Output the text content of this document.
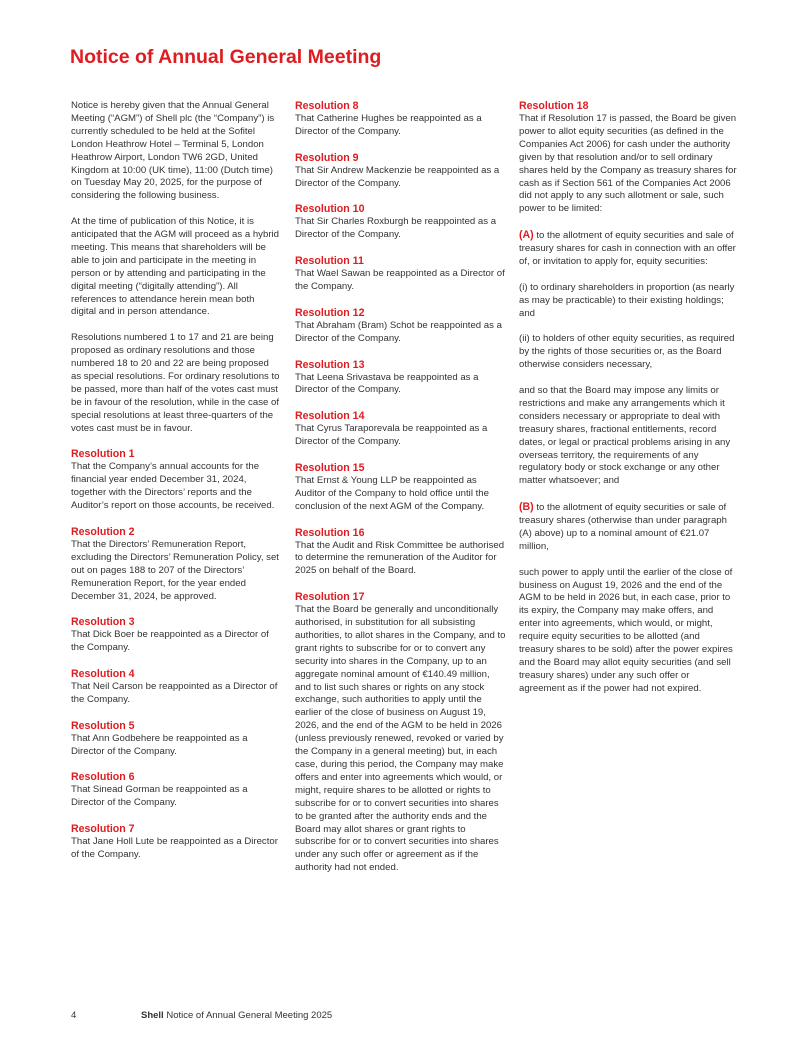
Notice of Annual General Meeting

Notice is hereby given that the Annual General Meeting (“AGM”) of Shell plc (the “Company”) is currently scheduled to be held at the Sofitel London Heathrow Hotel – Terminal 5, London Heathrow Airport, London TW6 2GD, United Kingdom at 10:00 (UK time), 11:00 (Dutch time) on Tuesday May 20, 2025, for the purpose of considering the following business.

At the time of publication of this Notice, it is anticipated that the AGM will proceed as a hybrid meeting. This means that shareholders will be able to join and participate in the meeting in person or by attending and participating in the digital meeting (“digitally attending”). All references to attendance herein mean both digital and in person attendance.

Resolutions numbered 1 to 17 and 21 are being proposed as ordinary resolutions and those numbered 18 to 20 and 22 are being proposed as special resolutions. For ordinary resolutions to be passed, more than half of the votes cast must be in favour of the resolution, while in the case of special resolutions at least three-quarters of the votes cast must be in favour.

Resolution 1
That the Company’s annual accounts for the financial year ended December 31, 2024, together with the Directors’ reports and the Auditor’s report on those accounts, be received.
Resolution 2
That the Directors’ Remuneration Report, excluding the Directors’ Remuneration Policy, set out on pages 188 to 207 of the Directors’ Remuneration Report, for the year ended December 31, 2024, be approved.
Resolution 3
That Dick Boer be reappointed as a Director of the Company.
Resolution 4
That Neil Carson be reappointed as a Director of the Company.
Resolution 5
That Ann Godbehere be reappointed as a Director of the Company.
Resolution 6
That Sinead Gorman be reappointed as a Director of the Company.
Resolution 7
That Jane Holl Lute be reappointed as a Director of the Company.
Resolution 8
That Catherine Hughes be reappointed as a Director of the Company.
Resolution 9
That Sir Andrew Mackenzie be reappointed as a Director of the Company.
Resolution 10
That Sir Charles Roxburgh be reappointed as a Director of the Company.
Resolution 11
That Wael Sawan be reappointed as a Director of the Company.
Resolution 12
That Abraham (Bram) Schot be reappointed as a Director of the Company.
Resolution 13
That Leena Srivastava be reappointed as a Director of the Company.
Resolution 14
That Cyrus Taraporevala be reappointed as a Director of the Company.
Resolution 15
That Ernst & Young LLP be reappointed as Auditor of the Company to hold office until the conclusion of the next AGM of the Company.
Resolution 16
That the Audit and Risk Committee be authorised to determine the remuneration of the Auditor for 2025 on behalf of the Board.
Resolution 17
That the Board be generally and unconditionally authorised, in substitution for all subsisting authorities, to allot shares in the Company, and to grant rights to subscribe for or to convert any security into shares in the Company, up to an aggregate nominal amount of €140.49 million, and to list such shares or rights on any stock exchange, such authorities to apply until the earlier of the close of business on August 19, 2026, and the end of the AGM to be held in 2026 (unless previously renewed, revoked or varied by the Company in a general meeting) but, in each case, during this period, the Company may make offers and enter into agreements which would, or might, require shares to be allotted or rights to subscribe for or to convert securities into shares to be granted after the authority ends and the Board may allot shares or grant rights to subscribe for or to convert securities into shares under any such offer or agreement as if the authority had not ended.
Resolution 18
That if Resolution 17 is passed, the Board be given power to allot equity securities (as defined in the Companies Act 2006) for cash under the authority given by that resolution and/or to sell ordinary shares held by the Company as treasury shares for cash as if Section 561 of the Companies Act 2006 did not apply to any such allotment or sale, such power to be limited:

(A) to the allotment of equity securities and sale of treasury shares for cash in connection with an offer of, or invitation to apply for, equity securities:

(i) to ordinary shareholders in proportion (as nearly as may be practicable) to their existing holdings; and

(ii) to holders of other equity securities, as required by the rights of those securities or, as the Board otherwise considers necessary,

and so that the Board may impose any limits or restrictions and make any arrangements which it considers necessary or appropriate to deal with treasury shares, fractional entitlements, record dates, or legal or practical problems arising in any overseas territory, the requirements of any regulatory body or stock exchange or any other matter whatsoever; and

(B) to the allotment of equity securities or sale of treasury shares (otherwise than under paragraph (A) above) up to a nominal amount of €21.07 million,

such power to apply until the earlier of the close of business on August 19, 2026 and the end of the AGM to be held in 2026 but, in each case, prior to its expiry, the Company may make offers, and enter into agreements, which would, or might, require equity securities to be allotted (and treasury shares to be sold) after the power expires and the Board may allot equity securities (and sell treasury shares) under any such offer or agreement as if the power had not expired.

4	Shell Notice of Annual General Meeting 2025
